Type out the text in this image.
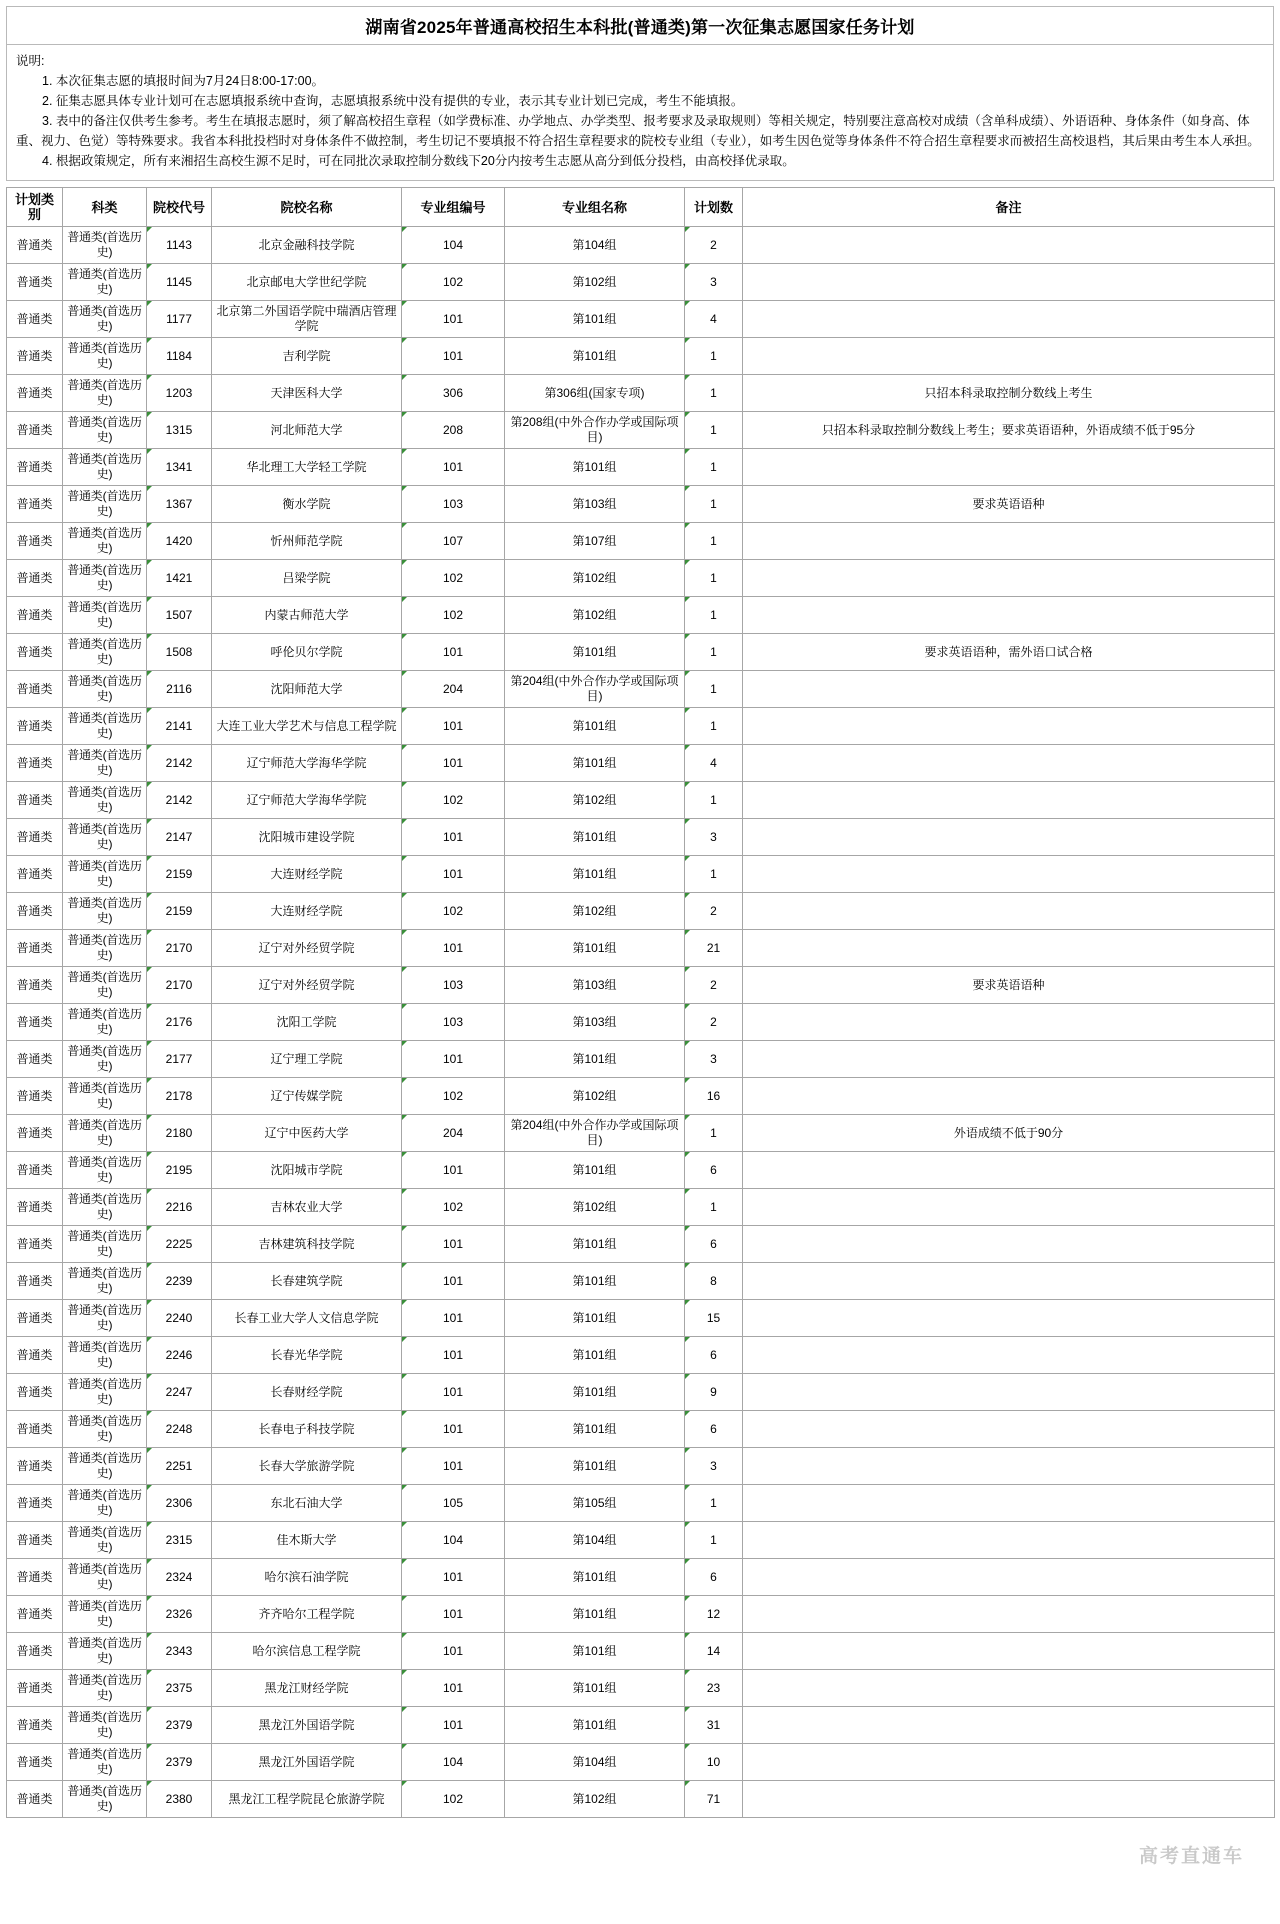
湖南省2025年普通高校招生本科批(普通类)第一次征集志愿国家任务计划
说明:
1. 本次征集志愿的填报时间为7月24日8:00-17:00。
2. 征集志愿具体专业计划可在志愿填报系统中查询，志愿填报系统中没有提供的专业，表示其专业计划已完成，考生不能填报。
3. 表中的备注仅供考生参考。考生在填报志愿时，须了解高校招生章程（如学费标准、办学地点、办学类型、报考要求及录取规则）等相关规定，特别要注意高校对成绩（含单科成绩）、外语语种、身体条件（如身高、体重、视力、色觉）等特殊要求。我省本科批投档时对身体条件不做控制，考生切记不要填报不符合招生章程要求的院校专业组（专业），如考生因色觉等身体条件不符合招生章程要求而被招生高校退档，其后果由考生本人承担。
4. 根据政策规定，所有来湘招生高校生源不足时，可在同批次录取控制分数线下20分内按考生志愿从高分到低分投档，由高校择优录取。
计划类别	科类	院校代号	院校名称	专业组编号	专业组名称	计划数	备注
普通类	普通类(首选历史)	1143	北京金融科技学院	104	第104组	2	
普通类	普通类(首选历史)	1145	北京邮电大学世纪学院	102	第102组	3	
普通类	普通类(首选历史)	1177	北京第二外国语学院中瑞酒店管理学院	101	第101组	4	
普通类	普通类(首选历史)	1184	吉利学院	101	第101组	1	
普通类	普通类(首选历史)	1203	天津医科大学	306	第306组(国家专项)	1	只招本科录取控制分数线上考生
普通类	普通类(首选历史)	1315	河北师范大学	208	第208组(中外合作办学或国际项目)	1	只招本科录取控制分数线上考生；要求英语语种，外语成绩不低于95分
普通类	普通类(首选历史)	1341	华北理工大学轻工学院	101	第101组	1	
普通类	普通类(首选历史)	1367	衡水学院	103	第103组	1	要求英语语种
普通类	普通类(首选历史)	1420	忻州师范学院	107	第107组	1	
普通类	普通类(首选历史)	1421	吕梁学院	102	第102组	1	
普通类	普通类(首选历史)	1507	内蒙古师范大学	102	第102组	1	
普通类	普通类(首选历史)	1508	呼伦贝尔学院	101	第101组	1	要求英语语种，需外语口试合格
普通类	普通类(首选历史)	2116	沈阳师范大学	204	第204组(中外合作办学或国际项目)	1	
普通类	普通类(首选历史)	2141	大连工业大学艺术与信息工程学院	101	第101组	1	
普通类	普通类(首选历史)	2142	辽宁师范大学海华学院	101	第101组	4	
普通类	普通类(首选历史)	2142	辽宁师范大学海华学院	102	第102组	1	
普通类	普通类(首选历史)	2147	沈阳城市建设学院	101	第101组	3	
普通类	普通类(首选历史)	2159	大连财经学院	101	第101组	1	
普通类	普通类(首选历史)	2159	大连财经学院	102	第102组	2	
普通类	普通类(首选历史)	2170	辽宁对外经贸学院	101	第101组	21	
普通类	普通类(首选历史)	2170	辽宁对外经贸学院	103	第103组	2	要求英语语种
普通类	普通类(首选历史)	2176	沈阳工学院	103	第103组	2	
普通类	普通类(首选历史)	2177	辽宁理工学院	101	第101组	3	
普通类	普通类(首选历史)	2178	辽宁传媒学院	102	第102组	16	
普通类	普通类(首选历史)	2180	辽宁中医药大学	204	第204组(中外合作办学或国际项目)	1	外语成绩不低于90分
普通类	普通类(首选历史)	2195	沈阳城市学院	101	第101组	6	
普通类	普通类(首选历史)	2216	吉林农业大学	102	第102组	1	
普通类	普通类(首选历史)	2225	吉林建筑科技学院	101	第101组	6	
普通类	普通类(首选历史)	2239	长春建筑学院	101	第101组	8	
普通类	普通类(首选历史)	2240	长春工业大学人文信息学院	101	第101组	15	
普通类	普通类(首选历史)	2246	长春光华学院	101	第101组	6	
普通类	普通类(首选历史)	2247	长春财经学院	101	第101组	9	
普通类	普通类(首选历史)	2248	长春电子科技学院	101	第101组	6	
普通类	普通类(首选历史)	2251	长春大学旅游学院	101	第101组	3	
普通类	普通类(首选历史)	2306	东北石油大学	105	第105组	1	
普通类	普通类(首选历史)	2315	佳木斯大学	104	第104组	1	
普通类	普通类(首选历史)	2324	哈尔滨石油学院	101	第101组	6	
普通类	普通类(首选历史)	2326	齐齐哈尔工程学院	101	第101组	12	
普通类	普通类(首选历史)	2343	哈尔滨信息工程学院	101	第101组	14	
普通类	普通类(首选历史)	2375	黑龙江财经学院	101	第101组	23	
普通类	普通类(首选历史)	2379	黑龙江外国语学院	101	第101组	31	
普通类	普通类(首选历史)	2379	黑龙江外国语学院	104	第104组	10	
普通类	普通类(首选历史)	2380	黑龙江工程学院昆仑旅游学院	102	第102组	71	
高考直通车
